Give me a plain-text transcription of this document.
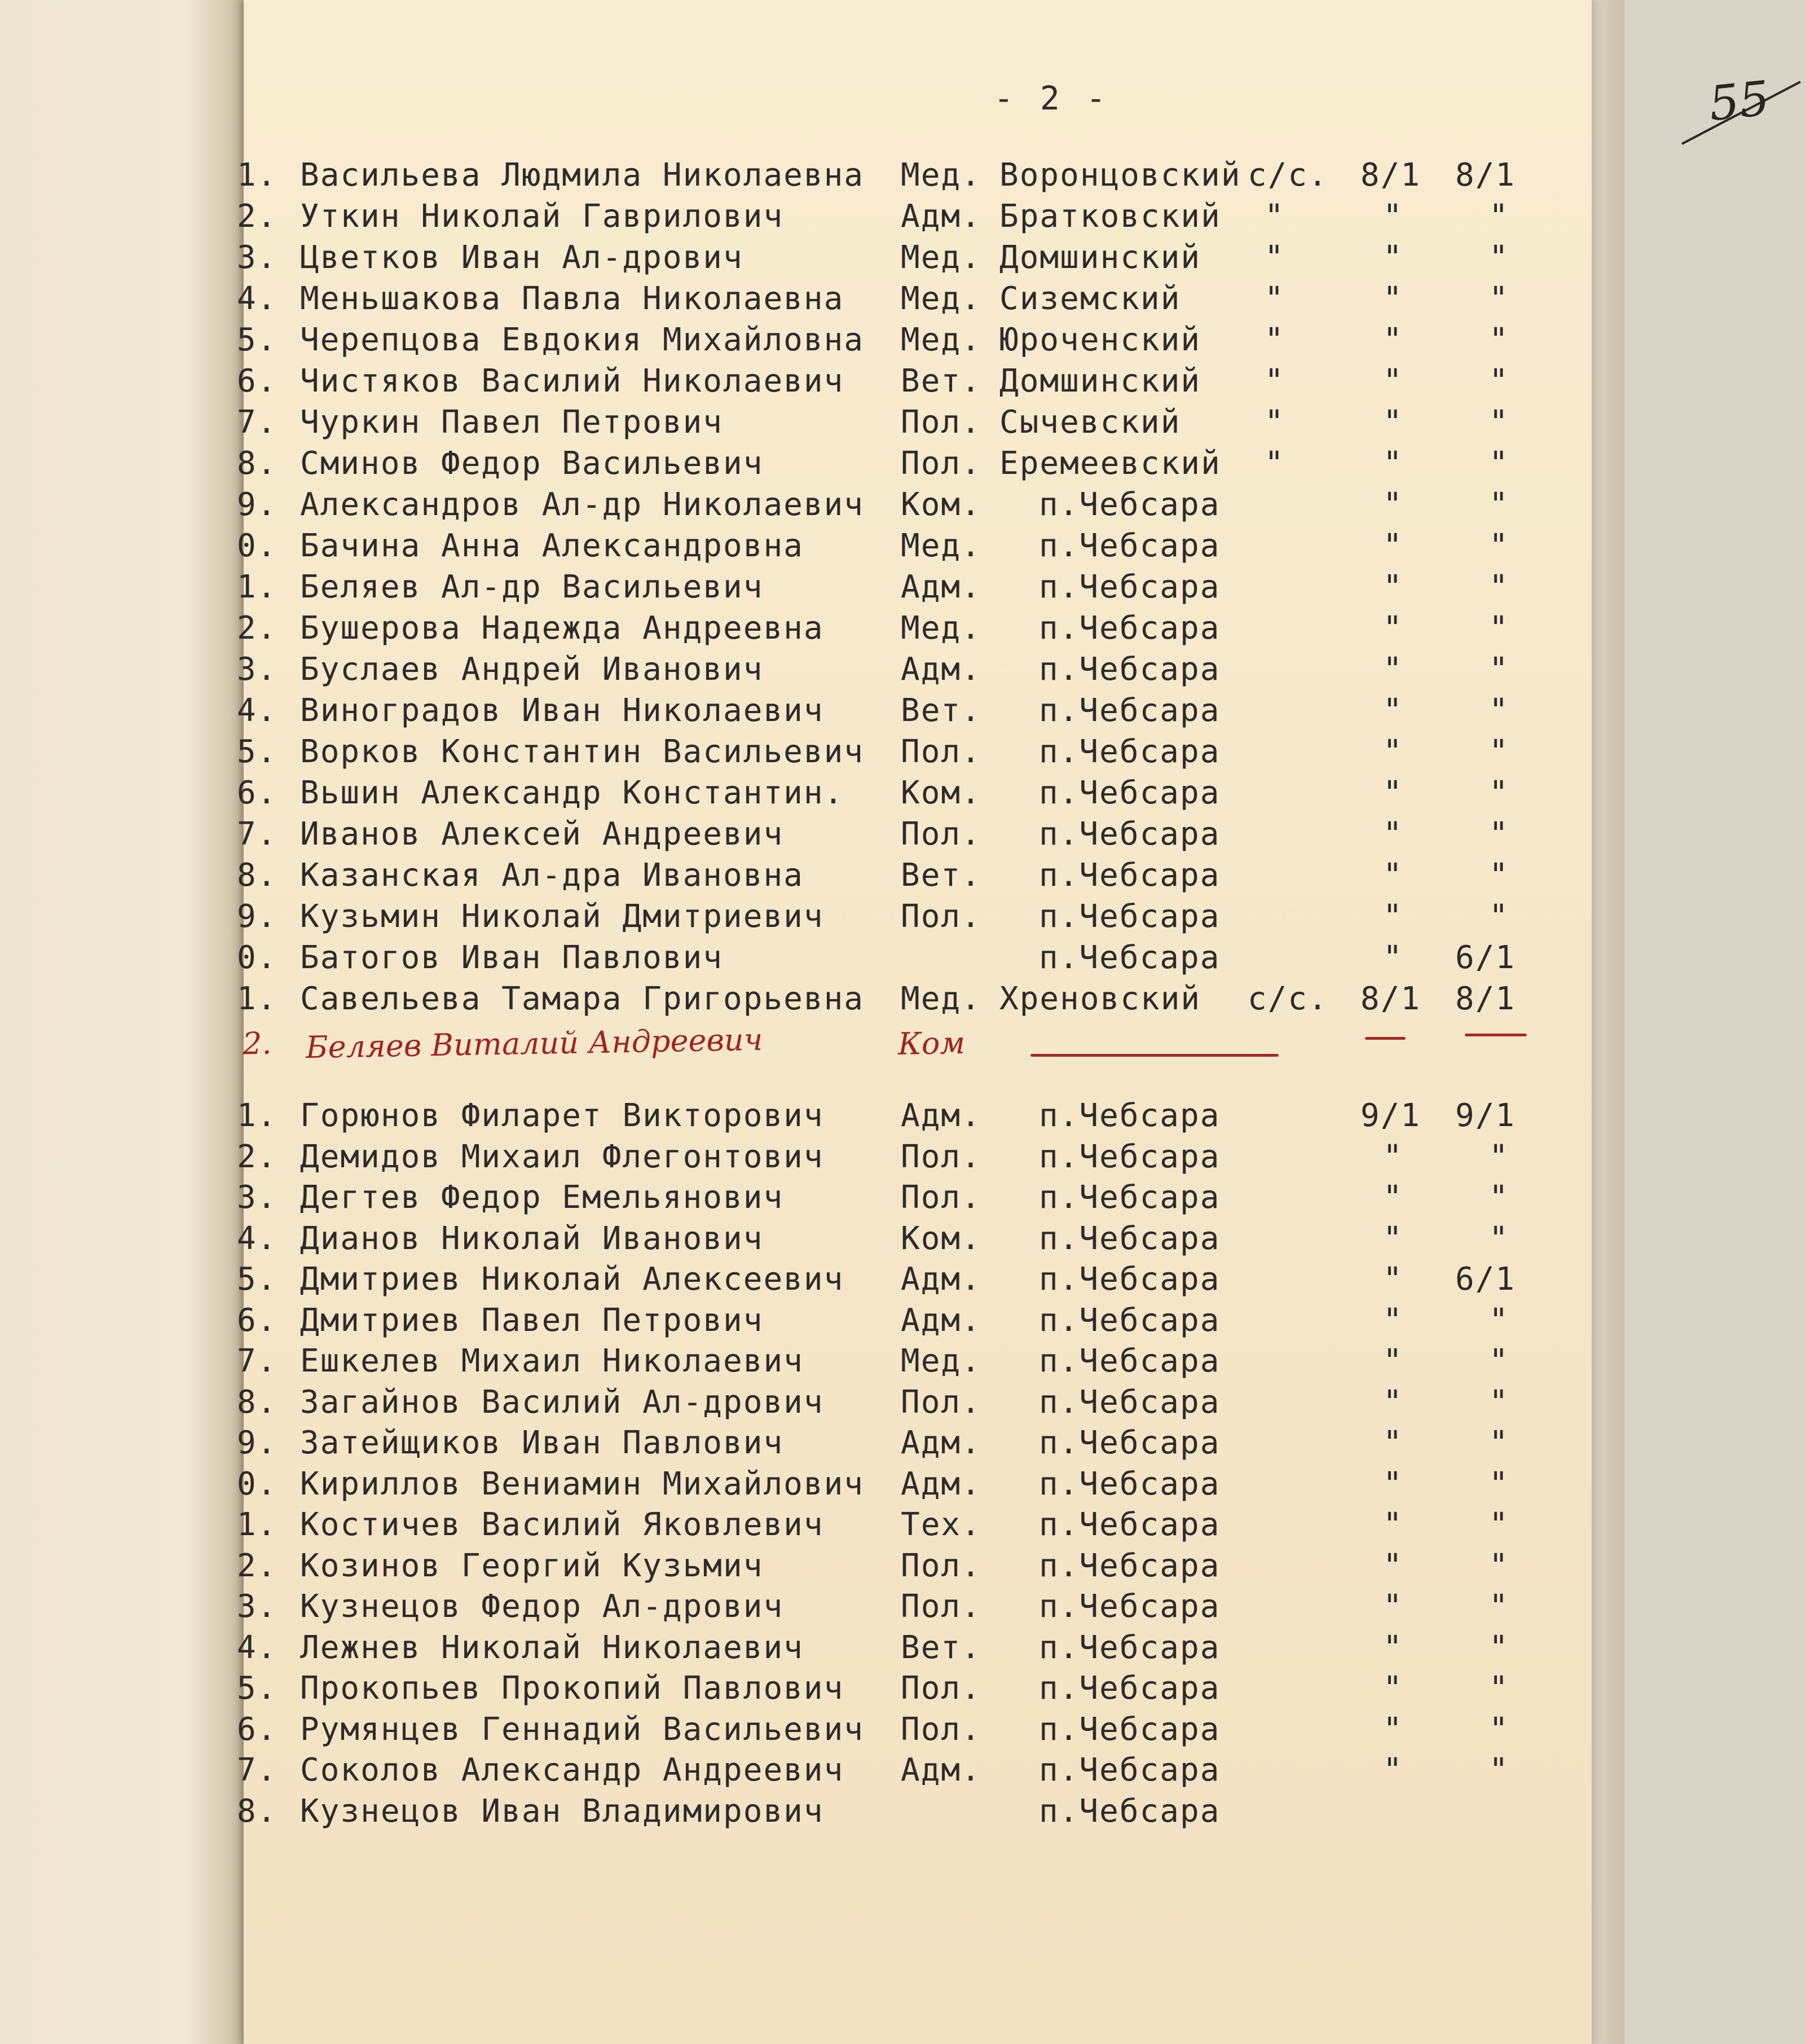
- 2 -	55
1. Васильева Людмила Николаевна Мед. Воронцовский с/с. 8/1 8/1
2. Уткин Николай Гаврилович	Адм. Братковский "	"	"
3. Цветков Иван Ал-дрович	Мед. Домшинский "	"	"
4. Меньшакова Павла Николаевна Мед. Сиземский	"	"	"
5. Черепцова Евдокия Михайловна Мед. Юроченский "	"	"
6. Чистяков Василий Николаевич Вет. Домшинский "	"	"
7. Чуркин Павел Петрович	Пол. Сычевский	"	"	"
8. Сминов Федор Васильевич	Пол. Еремеевский "	"	"
9. Александров Ал-др Николаевич Ком. п.Чебсара	"	"
0. Бачина Анна Александровна	Мед. п.Чебсара	"	"
1. Беляев Ал-др Васильевич	Адм. п.Чебсара	"	"
2. Бушерова Надежда Андреевна Мед. п.Чебсара	"	"
3. Буслаев Андрей Иванович	Адм. п.Чебсара	"	"
4. Виноградов Иван Николаевич Вет. п.Чебсара	"	"
5. Ворков Константин Васильевич Пол. п.Чебсара	"	"
6. Вьшин Александр Константин. Ком. п.Чебсара	"	"
7. Иванов Алексей Андреевич	Пол. п.Чебсара	"	"
8. Казанская Ал-дра Ивановна	Вет. п.Чебсара	"	"
9. Кузьмин Николай Дмитриевич Пол. п.Чебсара	"	"
0. Батогов Иван Павлович	п.Чебсара	" 6/1
1. Савельева Тамара Григорьевна Мед. Хреновский с/с. 8/1 8/1
2. Беляев Виталий Андреевич	Ком
1. Горюнов Филарет Викторович Адм. п.Чебсара	9/1 9/1
2. Демидов Михаил Флегонтович Пол. п.Чебсара	"	"
3. Дегтев Федор Емельянович	Пол. п.Чебсара	"	"
4. Дианов Николай Иванович	Ком. п.Чебсара	"	"
5. Дмитриев Николай Алексеевич Адм. п.Чебсара	" 6/1
6. Дмитриев Павел Петрович	Адм. п.Чебсара	"	"
7. Ешкелев Михаил Николаевич	Мед. п.Чебсара	"	"
8. Загайнов Василий Ал-дрович Пол. п.Чебсара	"	"
9. Затейщиков Иван Павлович	Адм. п.Чебсара	"	"
0. Кириллов Вениамин Михайлович Адм. п.Чебсара	"	"
1. Костичев Василий Яковлевич Тех. п.Чебсара	"	"
2. Козинов Георгий Кузьмич	Пол. п.Чебсара	"	"
3. Кузнецов Федор Ал-дрович	Пол. п.Чебсара	"	"
4. Лежнев Николай Николаевич	Вет. п.Чебсара	"	"
5. Прокопьев Прокопий Павлович Пол. п.Чебсара	"	"
6. Румянцев Геннадий Васильевич Пол. п.Чебсара	"	"
7. Соколов Александр Андреевич Адм. п.Чебсара	"	"
8. Кузнецов Иван Владимирович	п.Чебсара
